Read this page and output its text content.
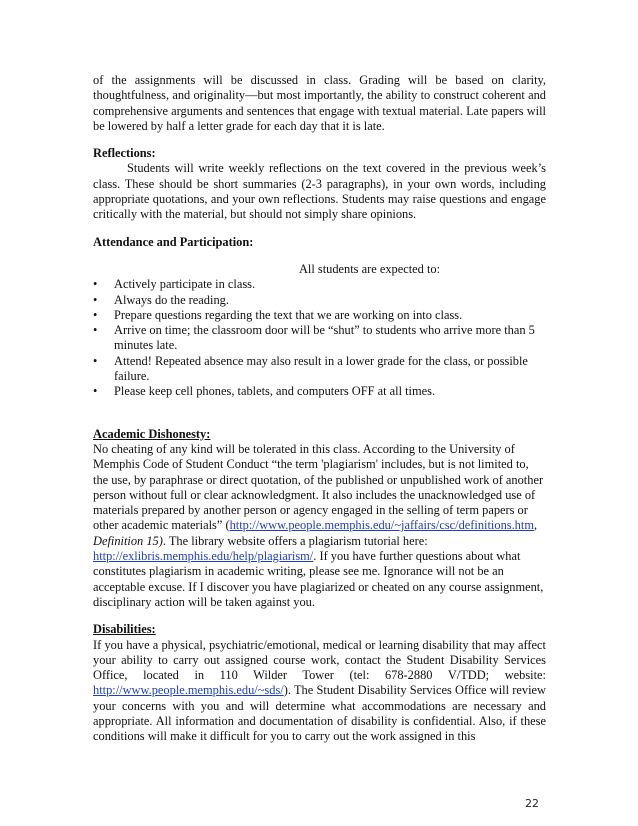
of the assignments will be discussed in class. Grading will be based on clarity, thoughtfulness, and originality—but most importantly, the ability to construct coherent and comprehensive arguments and sentences that engage with textual material. Late papers will be lowered by half a letter grade for each day that it is late.

Reflections:

Students will write weekly reflections on the text covered in the previous week’s class. These should be short summaries (2-3 paragraphs), in your own words, including appropriate quotations, and your own reflections. Students may raise questions and engage critically with the material, but should not simply share opinions.

Attendance and Participation:

All students are expected to:

• Actively participate in class.
• Always do the reading.
• Prepare questions regarding the text that we are working on into class.
• Arrive on time; the classroom door will be “shut” to students who arrive more than 5 minutes late.
• Attend! Repeated absence may also result in a lower grade for the class, or possible failure.
• Please keep cell phones, tablets, and computers OFF at all times.

Academic Dishonesty:

No cheating of any kind will be tolerated in this class. According to the University of Memphis Code of Student Conduct “the term 'plagiarism' includes, but is not limited to, the use, by paraphrase or direct quotation, of the published or unpublished work of another person without full or clear acknowledgment. It also includes the unacknowledged use of materials prepared by another person or agency engaged in the selling of term papers or other academic materials” (http://www.people.memphis.edu/~jaffairs/csc/definitions.htm, Definition 15). The library website offers a plagiarism tutorial here: http://exlibris.memphis.edu/help/plagiarism/. If you have further questions about what constitutes plagiarism in academic writing, please see me. Ignorance will not be an acceptable excuse. If I discover you have plagiarized or cheated on any course assignment, disciplinary action will be taken against you.

Disabilities:

If you have a physical, psychiatric/emotional, medical or learning disability that may affect your ability to carry out assigned course work, contact the Student Disability Services Office, located in 110 Wilder Tower (tel: 678-2880 V/TDD; website: http://www.people.memphis.edu/~sds/). The Student Disability Services Office will review your concerns with you and will determine what accommodations are necessary and appropriate. All information and documentation of disability is confidential. Also, if these conditions will make it difficult for you to carry out the work assigned in this

22
